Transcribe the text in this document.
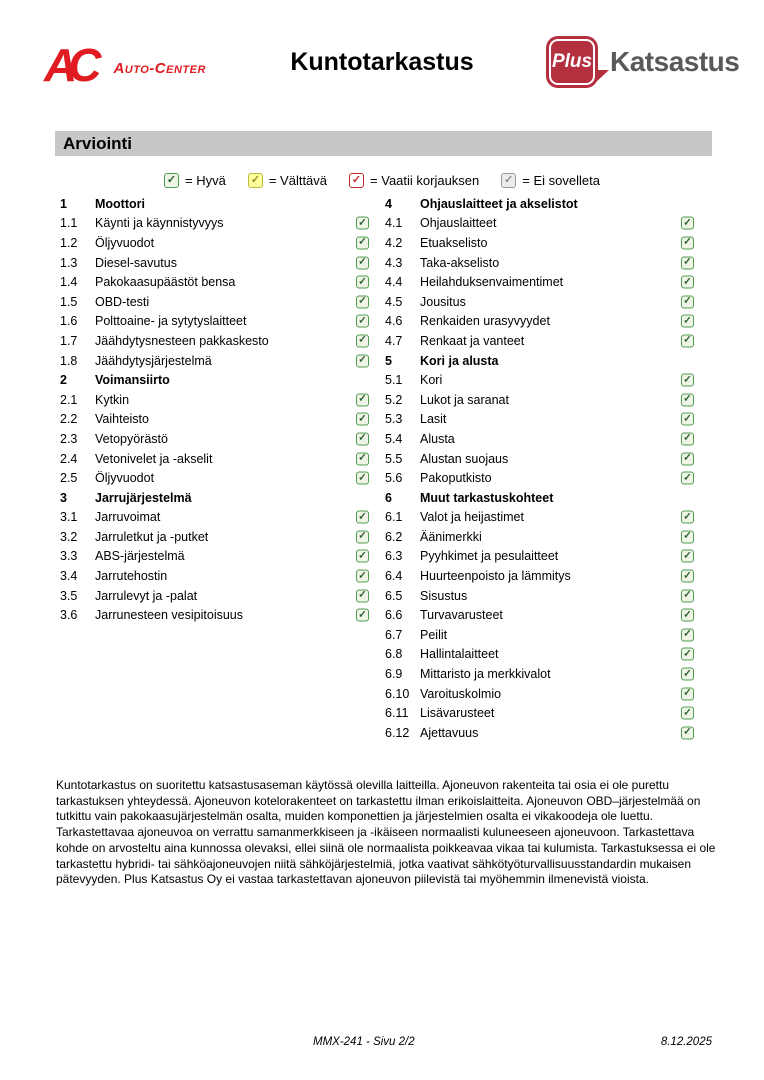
AC	Auto-Center	Kuntotarkastus	Plus Katsastus
Arviointi
✓ = Hyvä ✓ = Välttävä ✓ = Vaatii korjauksen ✓ = Ei sovelleta
1	Moottori
1.1	Käynti ja käynnistyvyys	✓
1.2	Öljyvuodot	✓
1.3	Diesel-savutus	✓
1.4	Pakokaasupäästöt bensa	✓
1.5	OBD-testi	✓
1.6	Polttoaine- ja sytytyslaitteet	✓
1.7	Jäähdytysnesteen pakkaskesto	✓
1.8	Jäähdytysjärjestelmä	✓
2	Voimansiirto
2.1	Kytkin	✓
2.2	Vaihteisto	✓
2.3	Vetopyörästö	✓
2.4	Vetonivelet ja -akselit	✓
2.5	Öljyvuodot	✓
3	Jarrujärjestelmä
3.1	Jarruvoimat	✓
3.2	Jarruletkut ja -putket	✓
3.3	ABS-järjestelmä	✓
3.4	Jarrutehostin	✓
3.5	Jarrulevyt ja -palat	✓
3.6	Jarrunesteen vesipitoisuus	✓
4	Ohjauslaitteet ja akselistot
4.1	Ohjauslaitteet	✓
4.2	Etuakselisto	✓
4.3	Taka-akselisto	✓
4.4	Heilahduksenvaimentimet	✓
4.5	Jousitus	✓
4.6	Renkaiden urasyvyydet	✓
4.7	Renkaat ja vanteet	✓
5	Kori ja alusta
5.1	Kori	✓
5.2	Lukot ja saranat	✓
5.3	Lasit	✓
5.4	Alusta	✓
5.5	Alustan suojaus	✓
5.6	Pakoputkisto	✓
6	Muut tarkastuskohteet
6.1	Valot ja heijastimet	✓
6.2	Äänimerkki	✓
6.3	Pyyhkimet ja pesulaitteet	✓
6.4	Huurteenpoisto ja lämmitys	✓
6.5	Sisustus	✓
6.6	Turvavarusteet	✓
6.7	Peilit	✓
6.8	Hallintalaitteet	✓
6.9	Mittaristo ja merkkivalot	✓
6.10 Varoituskolmio	✓
6.11 Lisävarusteet	✓
6.12 Ajettavuus	✓
Kuntotarkastus on suoritettu katsastusaseman käytössä olevilla laitteilla. Ajoneuvon rakenteita tai osia ei ole purettu
tarkastuksen yhteydessä. Ajoneuvon kotelorakenteet on tarkastettu ilman erikoislaitteita. Ajoneuvon OBD–järjestelmää on
tutkittu vain pakokaasujärjestelmän osalta, muiden komponettien ja järjestelmien osalta ei vikakoodeja ole luettu.
Tarkastettavaa ajoneuvoa on verrattu samanmerkkiseen ja -ikäiseen normaalisti kuluneeseen ajoneuvoon. Tarkastettava
kohde on arvosteltu aina kunnossa olevaksi, ellei siinä ole normaalista poikkeavaa vikaa tai kulumista. Tarkastuksessa ei ole
tarkastettu hybridi- tai sähköajoneuvojen niitä sähköjärjestelmiä, jotka vaativat sähkötyöturvallisuusstandardin mukaisen
pätevyyden. Plus Katsastus Oy ei vastaa tarkastettavan ajoneuvon piilevistä tai myöhemmin ilmenevistä vioista.
MMX-241 - Sivu 2/2	8.12.2025
